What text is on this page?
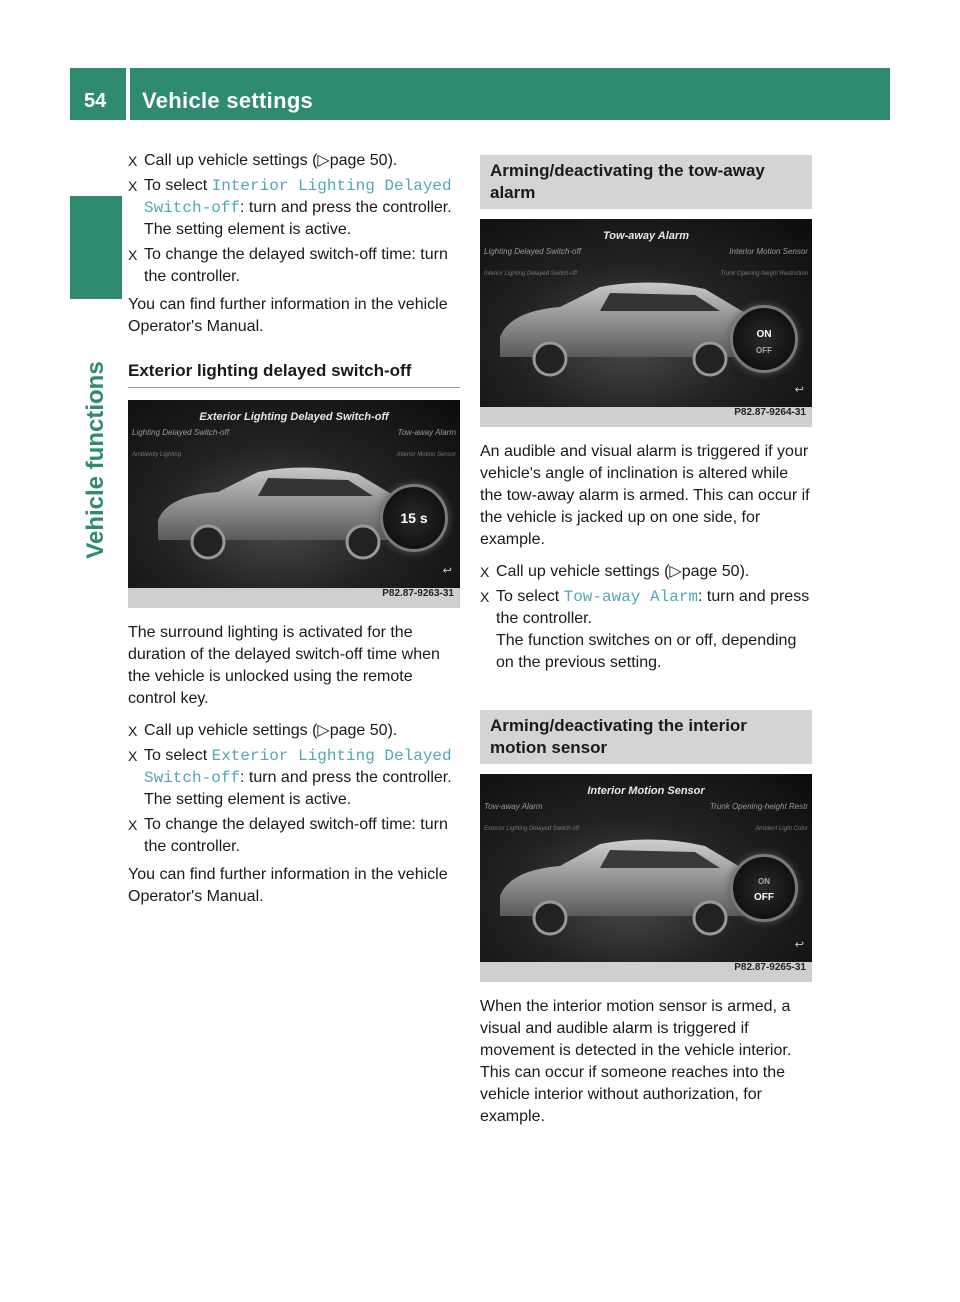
54 Vehicle settings
Vehicle functions
X Call up vehicle settings (▷page 50).
X To select Interior Lighting Delayed
Switch-off: turn and press the controller.
The setting element is active.
X To change the delayed switch-off time: turn the controller.
You can find further information in the vehicle Operator's Manual.
Exterior lighting delayed switch-off
Exterior Lighting Delayed Switch-off
Lighting Delayed Switch-off
Ambiently Lighting
Tow-away Alarm
Interior Motion Sensor
15 s
↩
P82.87-9263-31
The surround lighting is activated for the duration of the delayed switch-off time when the vehicle is unlocked using the remote control key.
X Call up vehicle settings (▷page 50).
X To select Exterior Lighting Delayed
Switch-off: turn and press the controller.
The setting element is active.
X To change the delayed switch-off time: turn the controller.
You can find further information in the vehicle Operator's Manual.
Arming/deactivating the tow-away alarm
Tow-away Alarm
Lighting Delayed Switch-off
Interior Lighting Delayed Switch-off
Interior Motion Sensor
Trunk Opening-height Restriction
ON
OFF
↩
P82.87-9264-31
An audible and visual alarm is triggered if your vehicle's angle of inclination is altered while the tow-away alarm is armed. This can occur if the vehicle is jacked up on one side, for example.
X Call up vehicle settings (▷page 50).
X To select Tow-away Alarm: turn and press the controller.
The function switches on or off, depending on the previous setting.
Arming/deactivating the interior motion sensor
Interior Motion Sensor
Tow-away Alarm
Exterior Lighting Delayed Switch-off
Trunk Opening-height Restr
Ambient Light Color
ON
OFF
↩
P82.87-9265-31
When the interior motion sensor is armed, a visual and audible alarm is triggered if movement is detected in the vehicle interior. This can occur if someone reaches into the vehicle interior without authorization, for example.
